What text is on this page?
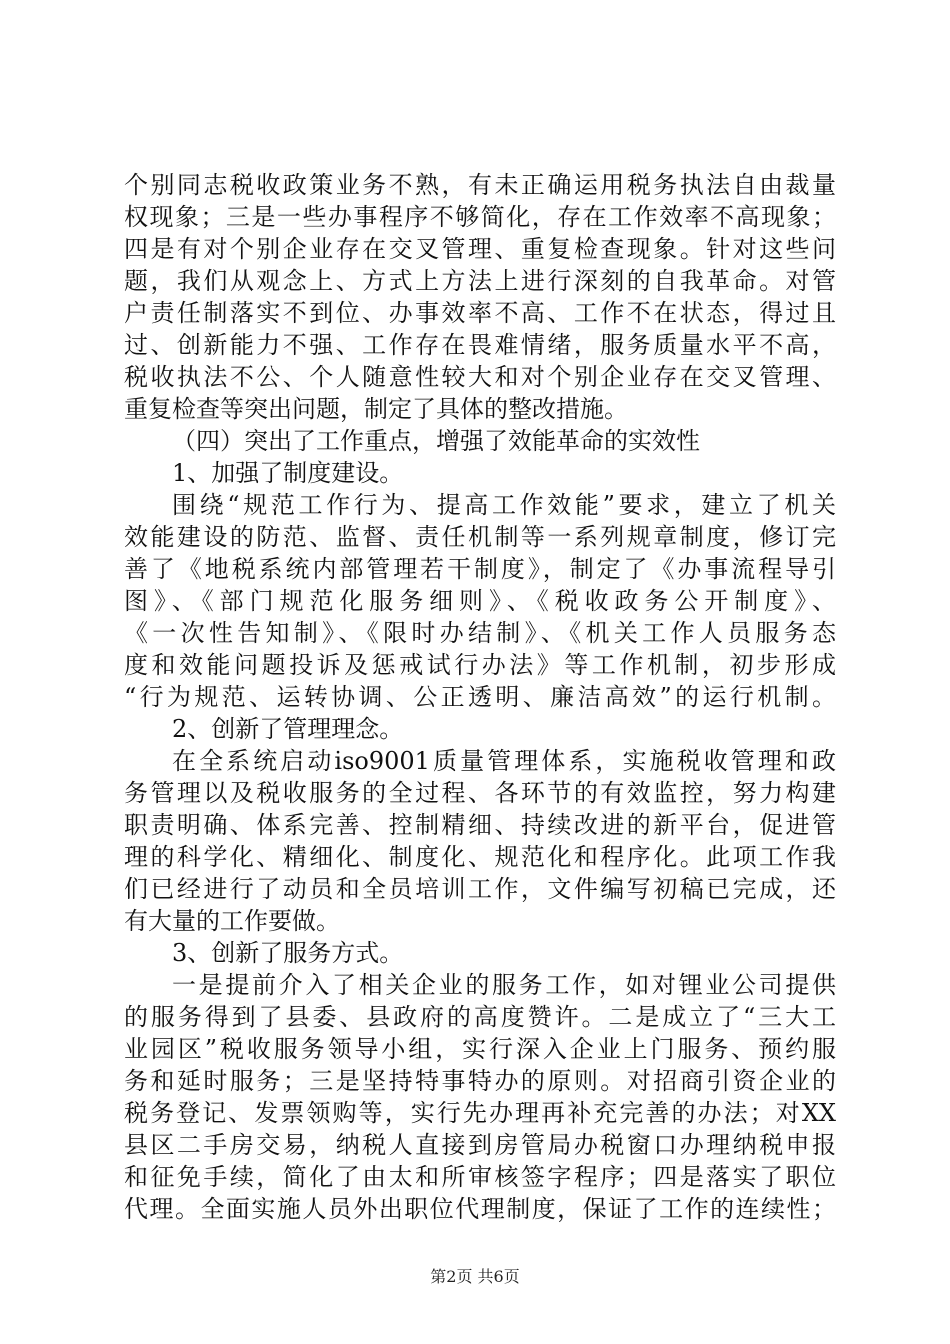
个别同志税收政策业务不熟，有未正确运用税务执法自由裁量
权现象；三是一些办事程序不够简化，存在工作效率不高现象；
四是有对个别企业存在交叉管理、重复检查现象。针对这些问
题，我们从观念上、方式上方法上进行深刻的自我革命。对管
户责任制落实不到位、办事效率不高、工作不在状态，得过且
过、创新能力不强、工作存在畏难情绪，服务质量水平不高，
税收执法不公、个人随意性较大和对个别企业存在交叉管理、
重复检查等突出问题，制定了具体的整改措施。
（四）突出了工作重点，增强了效能革命的实效性
1、加强了制度建设。
围绕“规范工作行为、提高工作效能”要求，建立了机关
效能建设的防范、监督、责任机制等一系列规章制度，修订完
善了《地税系统内部管理若干制度》，制定了《办事流程导引
图》、《部门规范化服务细则》、《税收政务公开制度》、
《一次性告知制》、《限时办结制》、《机关工作人员服务态
度和效能问题投诉及惩戒试行办法》等工作机制，初步形成
“行为规范、运转协调、公正透明、廉洁高效”的运行机制。
2、创新了管理理念。
在全系统启动iso9001质量管理体系，实施税收管理和政
务管理以及税收服务的全过程、各环节的有效监控，努力构建
职责明确、体系完善、控制精细、持续改进的新平台，促进管
理的科学化、精细化、制度化、规范化和程序化。此项工作我
们已经进行了动员和全员培训工作，文件编写初稿已完成，还
有大量的工作要做。
3、创新了服务方式。
一是提前介入了相关企业的服务工作，如对锂业公司提供
的服务得到了县委、县政府的高度赞许。二是成立了“三大工
业园区”税收服务领导小组，实行深入企业上门服务、预约服
务和延时服务；三是坚持特事特办的原则。对招商引资企业的
税务登记、发票领购等，实行先办理再补充完善的办法；对XX
县区二手房交易，纳税人直接到房管局办税窗口办理纳税申报
和征免手续，简化了由太和所审核签字程序；四是落实了职位
代理。全面实施人员外出职位代理制度，保证了工作的连续性；
第2页 共6页
